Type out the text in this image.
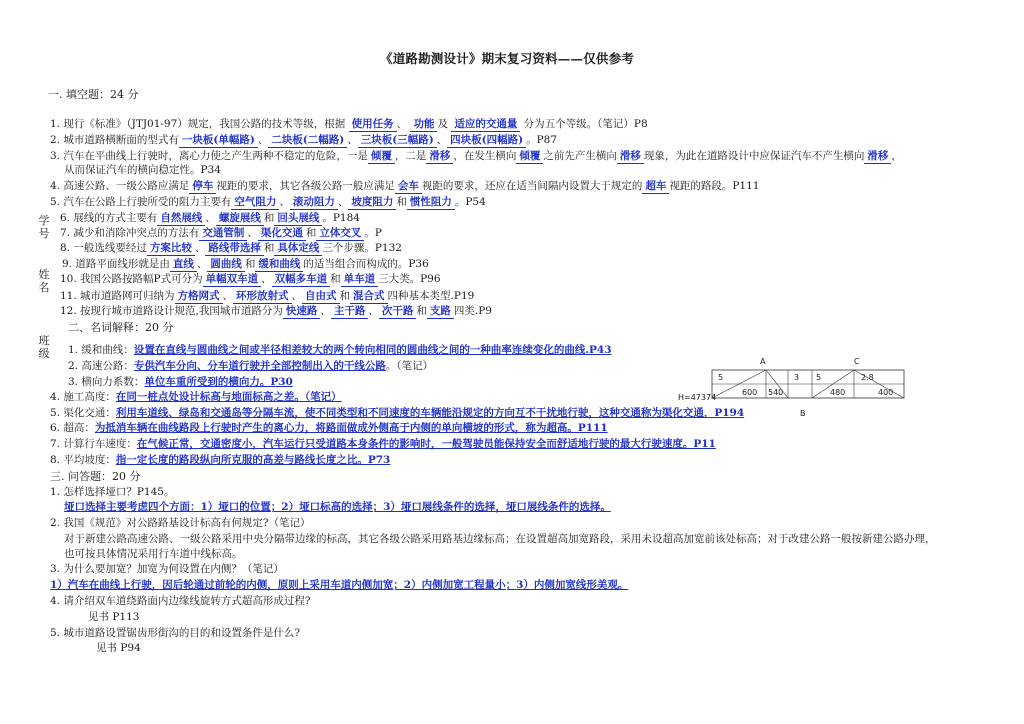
《道路勘测设计》期末复习资料——仅供参考
一. 填空题：24 分
学
号
姓
名
班
级
1. 现行《标准》（JTJ01-97）规定，我国公路的技术等级，根据 使用任务 、 功能 及 适应的交通量 分为五个等级。（笔记）P8
2. 城市道路横断面的型式有 一块板(单幅路) 、 二块板(二幅路) 、 三块板(三幅路) 、 四块板(四幅路) 。P87
3. 汽车在平曲线上行驶时，离心力使之产生两种不稳定的危险，一是 倾覆 ，二是 滑移 ，在发生横向 倾覆 之前先产生横向 滑移 现象，为此在道路设计中应保证汽车不产生横向 滑移 ，
从而保证汽车的横向稳定性。P34
4. 高速公路、一级公路应满足 停车 视距的要求，其它各级公路一般应满足 会车 视距的要求，还应在适当间隔内设置大于规定的 超车 视距的路段。P111
5. 汽车在公路上行驶所受的阻力主要有 空气阻力 、 滚动阻力 、 坡度阻力 和 惯性阻力 。P54
6. 展线的方式主要有 自然展线 、 螺旋展线 和 回头展线 。P184
7. 减少和消除冲突点的方法有 交通管制 、 渠化交通 和 立体交叉 。P
8. 一般选线要经过 方案比较 、 路线带选择 和 具体定线 三个步骤。P132
9. 道路平面线形就是由 直线 、 圆曲线 和 缓和曲线 的适当组合而构成的。P36
10. 我国公路按路幅P式可分为 单幅双车道 、 双幅多车道 和 单车道 三大类。P96
11. 城市道路网可归纳为 方格网式 、 环形放射式 、 自由式 和 混合式 四种基本类型.P19
12. 按现行城市道路设计规范,我国城市道路分为 快速路 、 主干路 、 次干路 和 支路 四类.P9
二、名词解释：20 分
1. 缓和曲线：设置在直线与圆曲线之间或半径相差较大的两个转向相同的圆曲线之间的一种曲率连续变化的曲线.P43
2. 高速公路：专供汽车分向、分车道行驶并全部控制出入的干线公路。（笔记）
3. 横向力系数：单位车重所受到的横向力。P30
4. 施工高度：在同一桩点处设计标高与地面标高之差。（笔记）
5. 渠化交通：利用车道线、绿岛和交通岛等分隔车流，使不同类型和不同速度的车辆能沿规定的方向互不干扰地行驶，这种交通称为渠化交通．P194
6. 超高：为抵消车辆在曲线路段上行驶时产生的离心力，将路面做成外侧高于内侧的单向横坡的形式，称为超高。P111
7. 计算行车速度：在气候正常，交通密度小，汽车运行只受道路本身条件的影响时，一般驾驶员能保持安全而舒适地行驶的最大行驶速度。P11
8. 平均坡度：指一定长度的路段纵向所克服的高差与路线长度之比。P73
三. 问答题：20 分
1. 怎样选择垭口？P145。
垭口选择主要考虑四个方面：1）垭口的位置；2）垭口标高的选择；3）垭口展线条件的选择，垭口展线条件的选择。
2. 我国《规范》对公路路基设计标高有何规定?（笔记）
对于新建公路高速公路、一级公路采用中央分隔带边缘的标高，其它各级公路采用路基边缘标高；在设置超高加宽路段，采用未设超高加宽前该处标高；对于改建公路一般按新建公路办理，
也可按具体情况采用行车道中线标高。
3. 为什么要加宽？加宽为何设置在内侧？（笔记）
1）汽车在曲线上行驶，因后轮通过前轮的内侧，原则上采用车道内侧加宽；2）内侧加宽工程量小；3）内侧加宽线形美观。
4. 请介绍双车道绕路面内边缘线旋转方式超高形成过程?
见书 P113
5. 城市道路设置锯齿形街沟的目的和设置条件是什么?
见书 P94
A	C
5	3 5	2.8
600 540	480	400
H=47374
B
